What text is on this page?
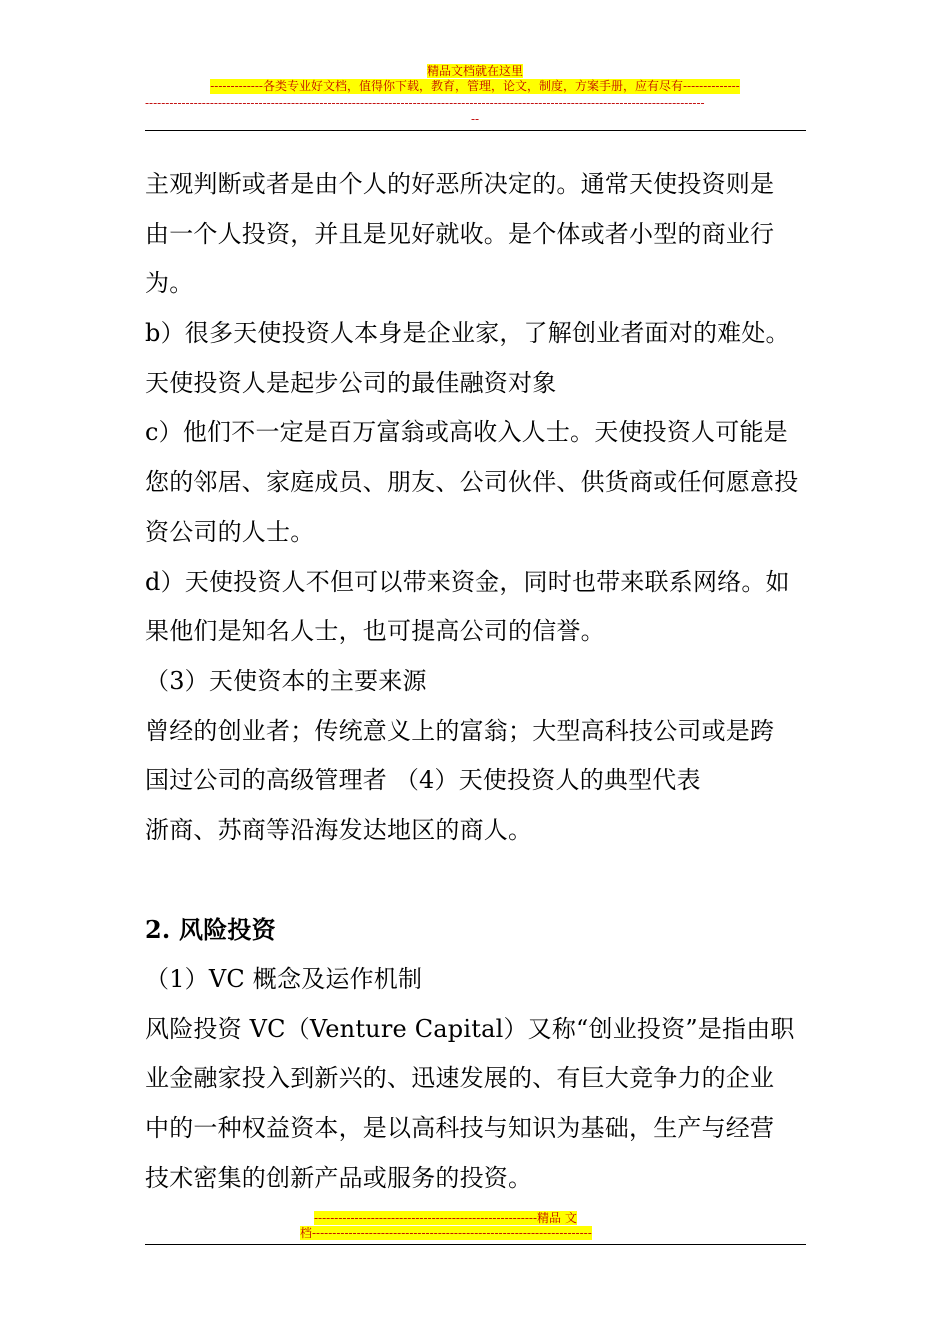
精品文档就在这里
-------------各类专业好文档，值得你下载，教育，管理，论文，制度，方案手册，应有尽有--------------
------------------------------------------------------------------------------------------------------------------------------------------
--
主观判断或者是由个人的好恶所决定的。通常天使投资则是
由一个人投资，并且是见好就收。是个体或者小型的商业行
为。
b）很多天使投资人本身是企业家，了解创业者面对的难处。
天使投资人是起步公司的最佳融资对象
c）他们不一定是百万富翁或高收入人士。天使投资人可能是
您的邻居、家庭成员、朋友、公司伙伴、供货商或任何愿意投
资公司的人士。
d）天使投资人不但可以带来资金，同时也带来联系网络。如
果他们是知名人士，也可提高公司的信誉。
（3）天使资本的主要来源
曾经的创业者；传统意义上的富翁；大型高科技公司或是跨
国过公司的高级管理者 （4）天使投资人的典型代表
浙商、苏商等沿海发达地区的商人。
2. 风险投资
（1）VC 概念及运作机制
风险投资 VC（Venture Capital）又称“创业投资”是指由职
业金融家投入到新兴的、迅速发展的、有巨大竞争力的企业
中的一种权益资本，是以高科技与知识为基础，生产与经营
技术密集的创新产品或服务的投资。
-------------------------------------------------------精品 文
档---------------------------------------------------------------------
